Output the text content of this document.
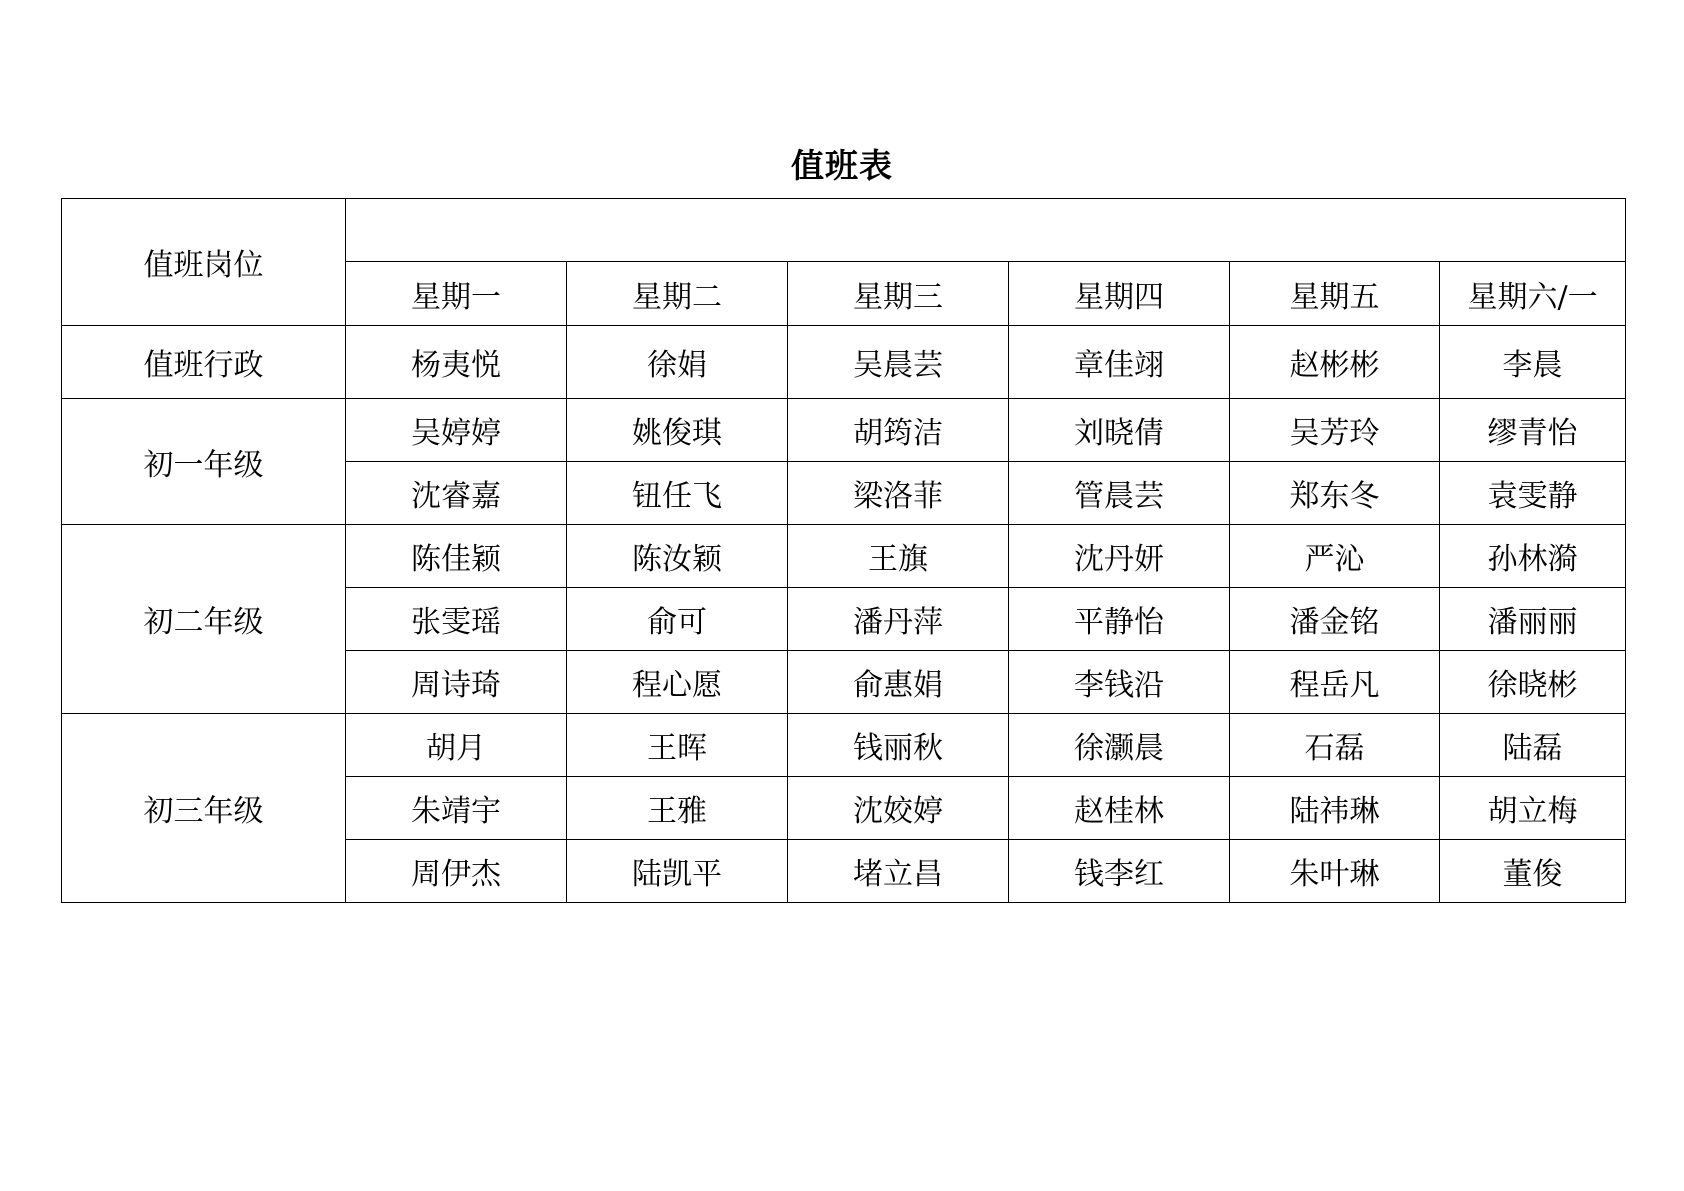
值班表
值班岗位						
	星期一	星期二	星期三	星期四	星期五	星期六/一
值班行政	杨夷悦	徐娟	吴晨芸	章佳翊	赵彬彬	李晨
初一年级	吴婷婷	姚俊琪	胡筠洁	刘晓倩	吴芳玲	缪青怡
	沈睿嘉	钮任飞	梁洛菲	管晨芸	郑东冬	袁雯静
初二年级	陈佳颖	陈汝颖	王旗	沈丹妍	严沁	孙林漪
	张雯瑶	俞可	潘丹萍	平静怡	潘金铭	潘丽丽
	周诗琦	程心愿	俞惠娟	李钱沿	程岳凡	徐晓彬
初三年级	胡月	王晖	钱丽秋	徐灏晨	石磊	陆磊
	朱靖宇	王雅	沈姣婷	赵桂林	陆祎琳	胡立梅
	周伊杰	陆凯平	堵立昌	钱李红	朱叶琳	董俊
